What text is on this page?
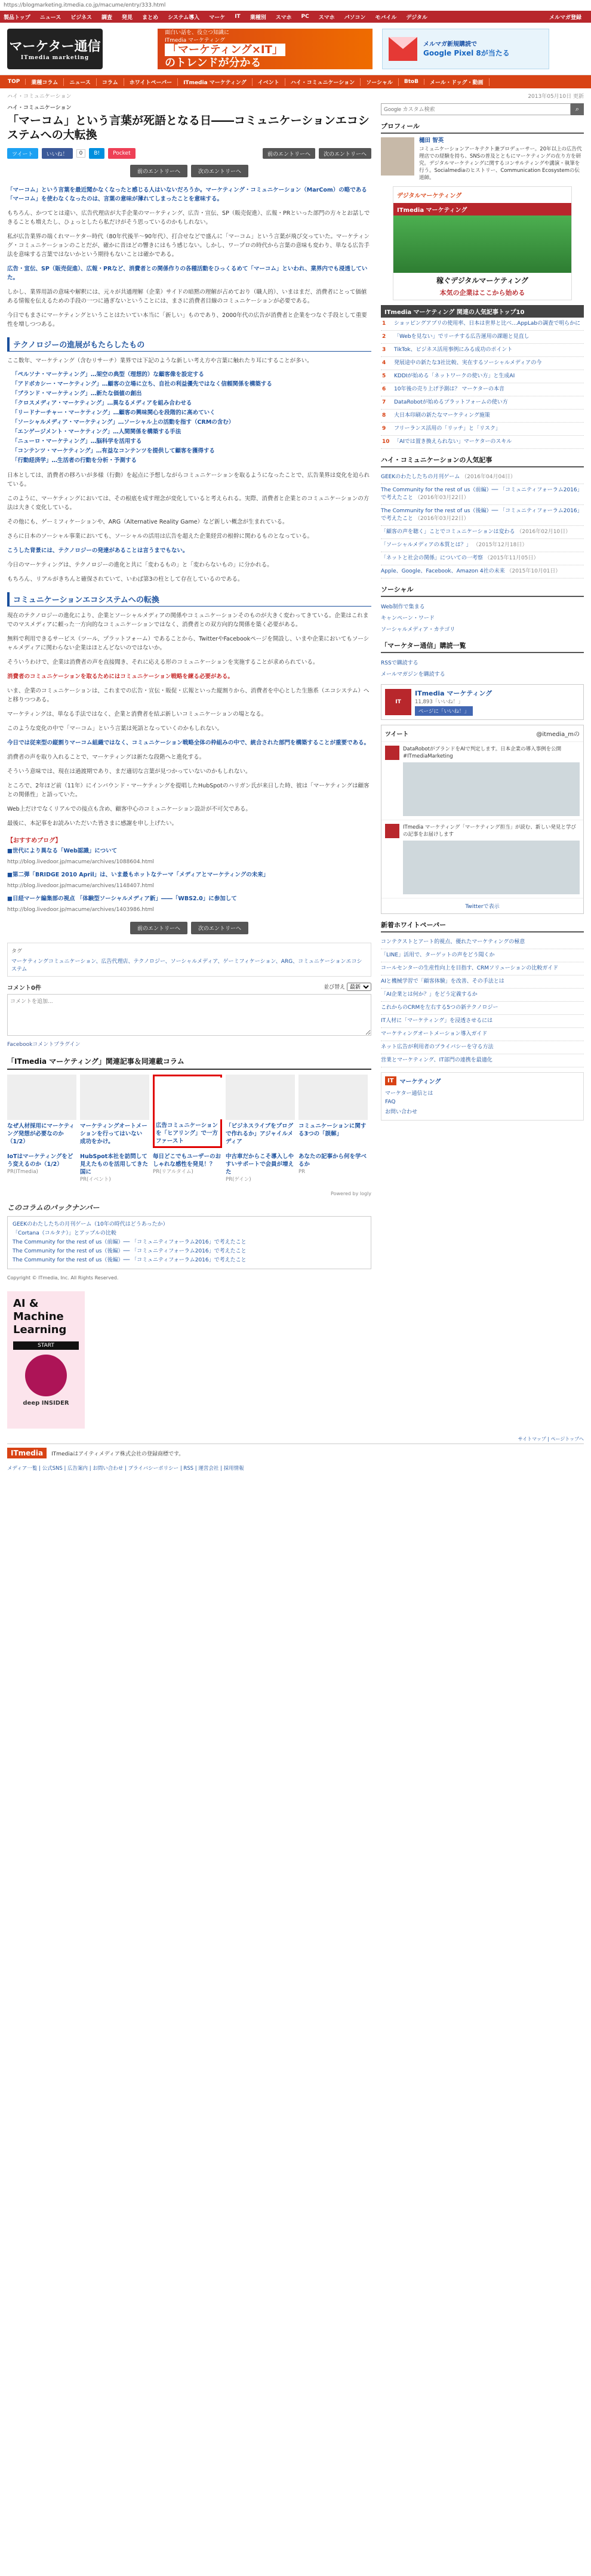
https://blogmarketing.itmedia.co.jp/macume/entry/333.html
製品トップ ニュース ビジネス 調査 発見 まとめ システム導入 マーケ IT 業種別 スマホ PC スマホ パソコン モバイル デジタル	メルマガ登録
マーケター通信
ITmedia marketing
面白い話を、役立つ知識に
ITmedia マーケティング
「マーケティング×IT」
のトレンドが分かる
メルマガ新規購読で
Google Pixel 8が当たる
TOP	業種コラム	ニュース	コラム	ホワイトペーパー	ITmedia マーケティング	イベント	ハイ・コミュニケーション	ソーシャル	BtoB	メール・ドッグ・動画
ハイ・コミュニケーション	2013年05月10日 更新
ハイ・コミュニケーション
「マーコム」という言葉が死語となる日――コミュニケーションエコシステムへの大転換
ツイート	いいね！	0	B!	Pocket	前のエントリーへ	次のエントリーへ
前のエントリーへ	次のエントリーへ

「マーコム」という言葉を最近聞かなくなったと感じる人はいないだろうか。マーケティング・コミュニケーション（MarCom）の略である「マーコム」を使わなくなったのは、言葉の意味が薄れてしまったことを意味する。

もちろん、かつてとは違い、広告代理店が大手企業のマーケティング、広告・宣伝、SP（販売促進）、広報・PRといった部門の方々とお話しできることも増えたし、ひょっとしたら私だけがそう思っているのかもしれない。

私が広告業界の端くれマーケター時代（80年代後半〜90年代）、打合せなどで盛んに「マーコム」という言葉が飛び交っていた。マーケティング・コミュニケーションのことだが、確かに昔ほどの響きにはもう感じない。しかし、ワープロの時代から言葉の意味も変わり、単なる広告手法を意味する言葉ではないかという期待もないことは確かである。

広告・宣伝、SP（販売促進）、広報・PRなど、消費者との関係作りの各種活動をひっくるめて「マーコム」といわれ、業界内でも浸透していた。

しかし、業界用語の意味や解釈には、元々が共通理解（企業）サイドの暗黙の理解が占めており（職人的）、いまはまだ、消費者にとって価値ある情報を伝えるための手段の一つに過ぎないということには、まさに消費者目線のコミュニケーションが必要である。

今日でもまさにマーケティングということはたいてい本当に「新しい」ものであり、2000年代の広告が消費者と企業をつなぐ手段として重要性を増しつつある。

テクノロジーの進展がもたらしたもの

ここ数年、マーケティング（含むリサーチ）業界では下記のような新しい考え方や言葉に触れたり耳にすることが多い。

「ペルソナ・マーケティング」…架空の典型（理想的）な顧客像を設定する
「アドボカシー・マーケティング」…顧客の立場に立ち、自社の利益優先ではなく信頼関係を構築する
「ブランド・マーケティング」…新たな価値の創出
「クロスメディア・マーケティング」…異なるメディアを組み合わせる
「リードナーチャー・マーケティング」…顧客の興味関心を段階的に高めていく
「ソーシャルメディア・マーケティング」…ソーシャル上の活動を指す（CRMの含む）
「エンゲージメント・マーケティング」…人間関係を構築する手法
「ニューロ・マーケティング」…脳科学を活用する
「コンテンツ・マーケティング」…有益なコンテンツを提供して顧客を獲得する
「行動経済学」…生活者の行動を分析・予測する

日本としては、消費者の移ろいが多様（行動）を起点に予想しながらコミュニケーションを取るようになったことで、広告業界は変化を迫られている。

このように、マーケティングにおいては、その根底を成す理念が変化していると考えられる。実際、消費者と企業とのコミュニケーションの方法は大きく変化している。

その他にも、ゲーミフィケーションや、ARG（Alternative Reality Game）など新しい概念が生まれている。

さらに日本のソーシャル事業においても、ソーシャルの活用は広告を超えた企業経営の根幹に関わるものとなっている。

こうした背景には、テクノロジーの発達があることは言うまでもない。

今日のマーケティングは、テクノロジーの進化と共に「変わるもの」と「変わらないもの」に分かれる。

もちろん、リアルがきちんと確保されていて、いわば第3の柱として存在しているのである。

コミュニケーションエコシステムへの転換

現在のテクノロジーの進化により、企業とソーシャルメディアの関係やコミュニケーションそのものが大きく変わってきている。企業はこれまでのマスメディアに頼った一方向的なコミュニケーションではなく、消費者との双方向的な関係を築く必要がある。

無料で利用できるサービス（ツール、プラットフォーム）であることから、TwitterやFacebookページを開設し、いまや企業においてもソーシャルメディアに関わらない企業はほとんどないのではないか。

そういうわけで、企業は消費者の声を直接聞き、それに応える形のコミュニケーションを実施することが求められている。

消費者のコミュニケーションを取るためにはコミュニケーション戦略を練る必要がある。

いま、企業のコミュニケーションは、これまでの広告・宣伝・販促・広報といった縦割りから、消費者を中心とした生態系（エコシステム）へと移りつつある。

マーケティングは、単なる手法ではなく、企業と消費者を結ぶ新しいコミュニケーションの場となる。

このような変化の中で「マーコム」という言葉は死語となっていくのかもしれない。

今日では従来型の縦割りマーコム組織ではなく、コミュニケーション戦略全体の枠組みの中で、統合された部門を構築することが重要である。

消費者の声を取り入れることで、マーケティングは新たな段階へと進化する。

そういう意味では、現在は過渡期であり、まだ適切な言葉が見つかっていないのかもしれない。

ところで、2年ほど前（11年）にインバウンド・マーケティングを提唱したHubSpotのハリガン氏が来日した時、彼は「マーケティングは顧客との関係性」と語っていた。

Web上だけでなくリアルでの接点も含め、顧客中心のコミュニケーション設計が不可欠である。

最後に、本記事をお読みいただいた皆さまに感謝を申し上げたい。

【おすすめブログ】
■世代により異なる「Web認識」について
http://blog.livedoor.jp/macume/archives/1088604.html
■第二弾「BRIDGE 2010 April」は、いま最もホットなテーマ「メディアとマーケティングの未来」
http://blog.livedoor.jp/macume/archives/1148407.html
■日経マーケ編集部の視点 「体験型ソーシャルメディア新」――「WBS2.0」に参加して
http://blog.livedoor.jp/macume/archives/1403986.html
前のエントリーへ	次のエントリーへ
タグ
マーケティングコミュニケーション、広告代理店、テクノロジー、ソーシャルメディア、ゲーミフィケーション、ARG、コミュニケーションエコシステム
コメント0件	並び替え
最新
コメントを追加...
Facebookコメントプラグイン
「ITmedia マーケティング」関連記事＆同連載コラム
なぜ人材採用にマーケティング発想が必要なのか（1/2）
マーケティングオートメーションを行ってはいない　成功をかけ。
広告コミュニケーションを「ヒアリング」で一方ファースト
「ビジネスライブをプログで作れるか」アジャイルメディア
コミュニケーションに関する3つの「誤解」
IoTはマーケティングをどう変えるのか（1/2）
PR(ITmedia)
HubSpot本社を訪問して見えたものを活用してきた国に
PR(イベント)
毎日どこでもユーザーのおしゃれな感性を発見！？
PR(リアルタイム)
中古車だからこそ導入しやすいサポートで会員が増えた
PR(ゲイン)
あなたの記事から何を学べるか
PR
Powered by logly
このコラムのパックナンバー
GEEKのわたしたちの月刊ゲーム（10年の時代はどうあったか）
「Cortana（コルタナ）」とアップルの比較
The Community for the rest of us（前編）── 「コミュニティフォーラム2016」で考えたこと
The Community for the rest of us（後編）── 「コミュニティフォーラム2016」で考えたこと
The Community for the rest of us（後編）── 「コミュニティフォーラム2016」で考えたこと
Copyright © ITmedia, Inc. All Rights Reserved.
AI & Machine Learning
START
deep INSIDER
Google カスタム検索
⌕
プロフィール
樋田 智英
コミュニケーションアーキテクト兼プロデューサー。20年以上の広告代理店での経験を持ち、SNSの普及とともにマーケティングの在り方を研究。デジタルマーケティングに関するコンサルティングや講演・執筆を行う。Socialmediaのヒストリー、Communication Ecosystemの伝道師。
デジタルマーケティング
ITmedia マーケティング
稼ぐデジタルマーケティング
本気の企業はここから始める
ITmedia マーケティング 関連の人気記事トップ10
1	ショッピングアプリの使用率、日本は世界と比べ…AppLabの調査で明らかに
2	「Webを見ない」でリーチする広告運用の課題と見直し
3	TikTok、ビジネス活用事例にみる成功のポイント
4	発展途中の新たな3社比較、実在するソーシャルメディアの今
5	KDDIが始める「ネットワークの使い方」と生成AI
6	10年後の売り上げ予測は？ マーケターの本音
7	DataRobotが始めるプラットフォームの使い方
8	大日本印刷の新たなマーケティング施策
9	フリーランス活用の「リッチ」と「リスク」
10 「AIでは置き換えられない」マーケターのスキル
ハイ・コミュニケーションの人気記事
GEEKのわたしたちの月刊ゲーム （2016年04月04日）
The Community for the rest of us（前編）── 「コミュニティフォーラム2016」で考えたこと （2016年03月22日）
The Community for the rest of us（後編）── 「コミュニティフォーラム2016」で考えたこと （2016年03月22日）
「顧客の声を聴く」ことでコミュニケーションは変わる （2016年02月10日）
「ソーシャルメディアの本質とは？」 （2015年12月18日）
「ネットと社会の関係」についての一考察 （2015年11月05日）
Apple、Google、Facebook、Amazon 4社の未来 （2015年10月01日）
ソーシャル
Web制作で集まる
キャンペーン・ワード
ソーシャルメディア・カテゴリ
「マーケター通信」購読一覧
RSSで購読する
メールマガジンを購読する
IT
ITmedia マーケティング
11,893「いいね！」
ページに「いいね！」
ツイート	@itmedia_mの
DataRobotがブランドをAIで判定します。日本企業の導入事例を公開 #ITmediaMarketing
ITmedia マーケティング「マーケティング担当」が読む、新しい発見と学びの記事をお届けします
Twitterで表示
新着ホワイトペーパー
コンテクストとアート的視点、優れたマーケティングの極意
「LINE」活用で、ターゲットの声をどう聞くか
コールセンターの生産性向上を目指す、CRMソリューションの比較ガイド
AIと機械学習で「顧客体験」を改善、その手法とは
「AI企業とは何か？」をどう定義するか
これからのCRMを左右する5つの新テクノロジー
IT人材に「マーケティング」を浸透させるには
マーケティングオートメーション導入ガイド
ネット広告が利用者のプライバシーを守る方法
営業とマーケティング、IT部門の連携を最適化
IT	マーケティング
マーケター通信とは
FAQ
お問い合わせ
サイトマップ | ページトップへ
ITmedia	ITmediaはアイティメディア株式会社の登録商標です。
メディア一覧 | 公式SNS | 広告案内 | お問い合わせ | プライバシーポリシー | RSS | 運営会社 | 採用情報
